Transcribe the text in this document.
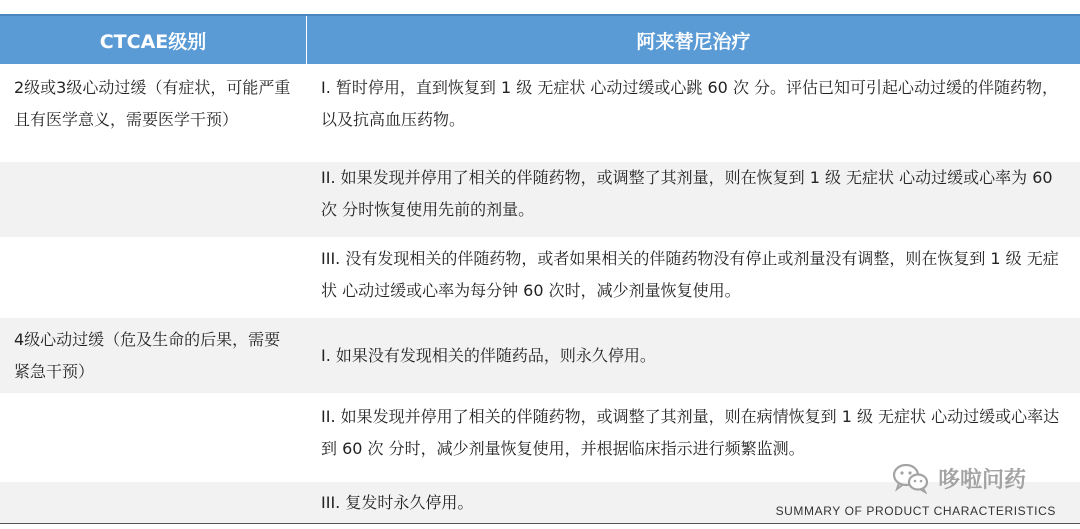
CTCAE级别	阿来替尼治疗
2级或3级心动过缓（有症状，可能严重且有医学意义，需要医学干预）
I. 暂时停用，直到恢复到 1 级 无症状 心动过缓或心跳 60 次 分。评估已知可引起心动过缓的伴随药物，以及抗高血压药物。
II. 如果发现并停用了相关的伴随药物，或调整了其剂量，则在恢复到 1 级 无症状 心动过缓或心率为 60 次 分时恢复使用先前的剂量。
III. 没有发现相关的伴随药物，或者如果相关的伴随药物没有停止或剂量没有调整，则在恢复到 1 级 无症状 心动过缓或心率为每分钟 60 次时，减少剂量恢复使用。
4级心动过缓（危及生命的后果，需要紧急干预）
I. 如果没有发现相关的伴随药品，则永久停用。
II. 如果发现并停用了相关的伴随药物，或调整了其剂量，则在病情恢复到 1 级 无症状 心动过缓或心率达到 60 次 分时，减少剂量恢复使用，并根据临床指示进行频繁监测。
III. 复发时永久停用。
哆啦问药
SUMMARY OF PRODUCT CHARACTERISTICS
